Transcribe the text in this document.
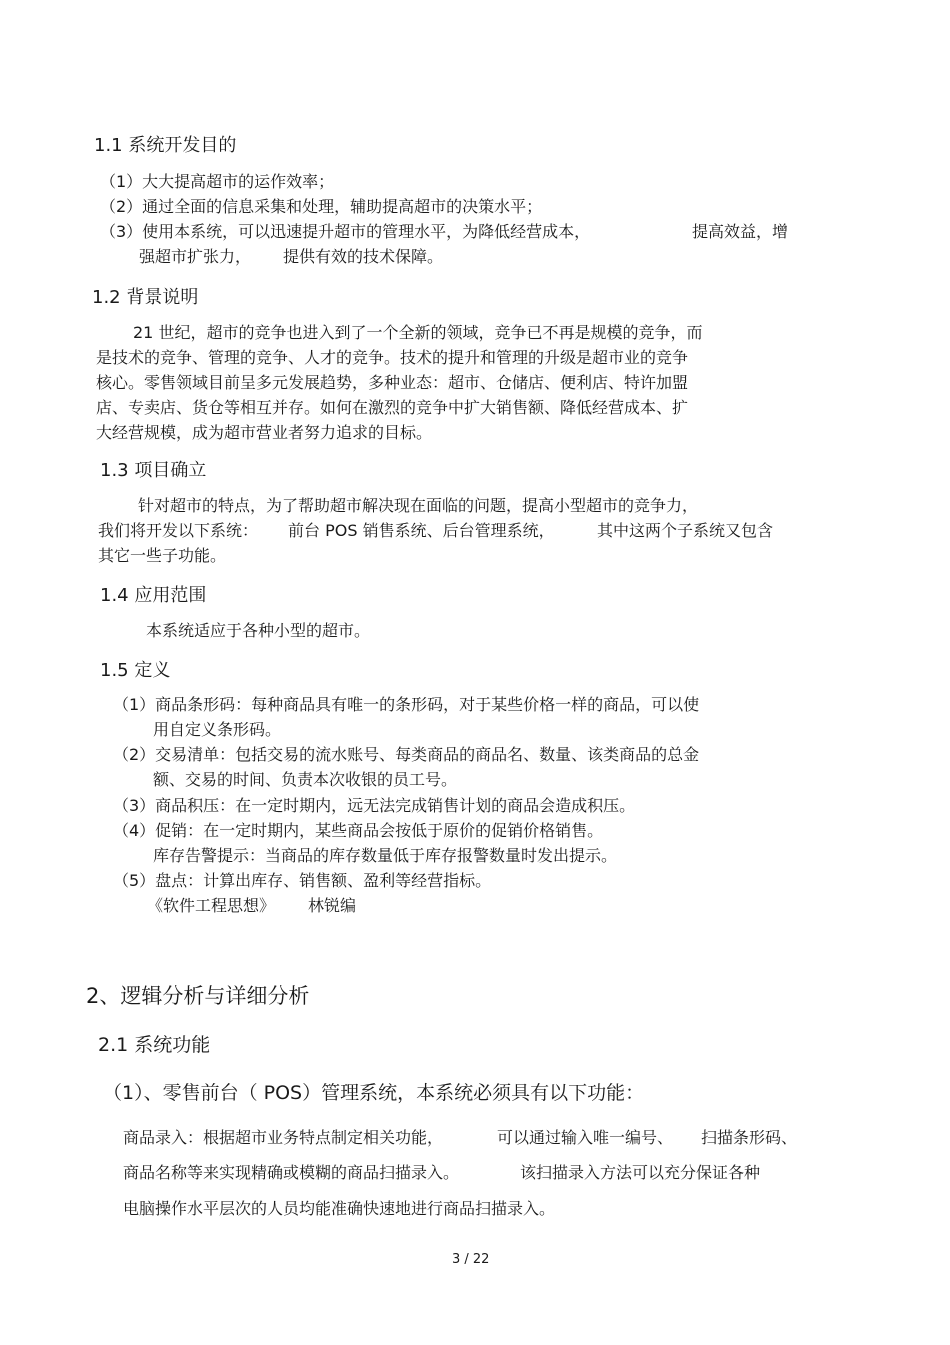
1.1 系统开发目的
（1）大大提高超市的运作效率；
（2）通过全面的信息采集和处理，辅助提高超市的决策水平；
（3）使用本系统，可以迅速提升超市的管理水平，为降低经营成本，	提高效益，增
强超市扩张力， 提供有效的技术保障。
1.2 背景说明
21 世纪，超市的竞争也进入到了一个全新的领域，竞争已不再是规模的竞争，而
是技术的竞争、管理的竞争、人才的竞争。技术的提升和管理的升级是超市业的竞争
核心。零售领域目前呈多元发展趋势，多种业态：超市、仓储店、便利店、特许加盟
店、专卖店、货仓等相互并存。如何在激烈的竞争中扩大销售额、降低经营成本、扩
大经营规模，成为超市营业者努力追求的目标。
1.3 项目确立
针对超市的特点，为了帮助超市解决现在面临的问题，提高小型超市的竞争力，
我们将开发以下系统： 前台 POS 销售系统、后台管理系统，	其中这两个子系统又包含
其它一些子功能。
1.4 应用范围
本系统适应于各种小型的超市。
1.5 定义
（1）商品条形码：每种商品具有唯一的条形码，对于某些价格一样的商品，可以使
用自定义条形码。
（2）交易清单：包括交易的流水账号、每类商品的商品名、数量、该类商品的总金
额、交易的时间、负责本次收银的员工号。
（3）商品积压：在一定时期内，远无法完成销售计划的商品会造成积压。
（4）促销：在一定时期内，某些商品会按低于原价的促销价格销售。
库存告警提示：当商品的库存数量低于库存报警数量时发出提示。
（5）盘点：计算出库存、销售额、盈利等经营指标。
《软件工程思想》 林锐编
2、逻辑分析与详细分析
2.1 系统功能
（1）、零售前台（ POS）管理系统，本系统必须具有以下功能：
商品录入：根据超市业务特点制定相关功能，	可以通过输入唯一编号、 扫描条形码、
商品名称等来实现精确或模糊的商品扫描录入。	该扫描录入方法可以充分保证各种
电脑操作水平层次的人员均能准确快速地进行商品扫描录入。
3 / 22
